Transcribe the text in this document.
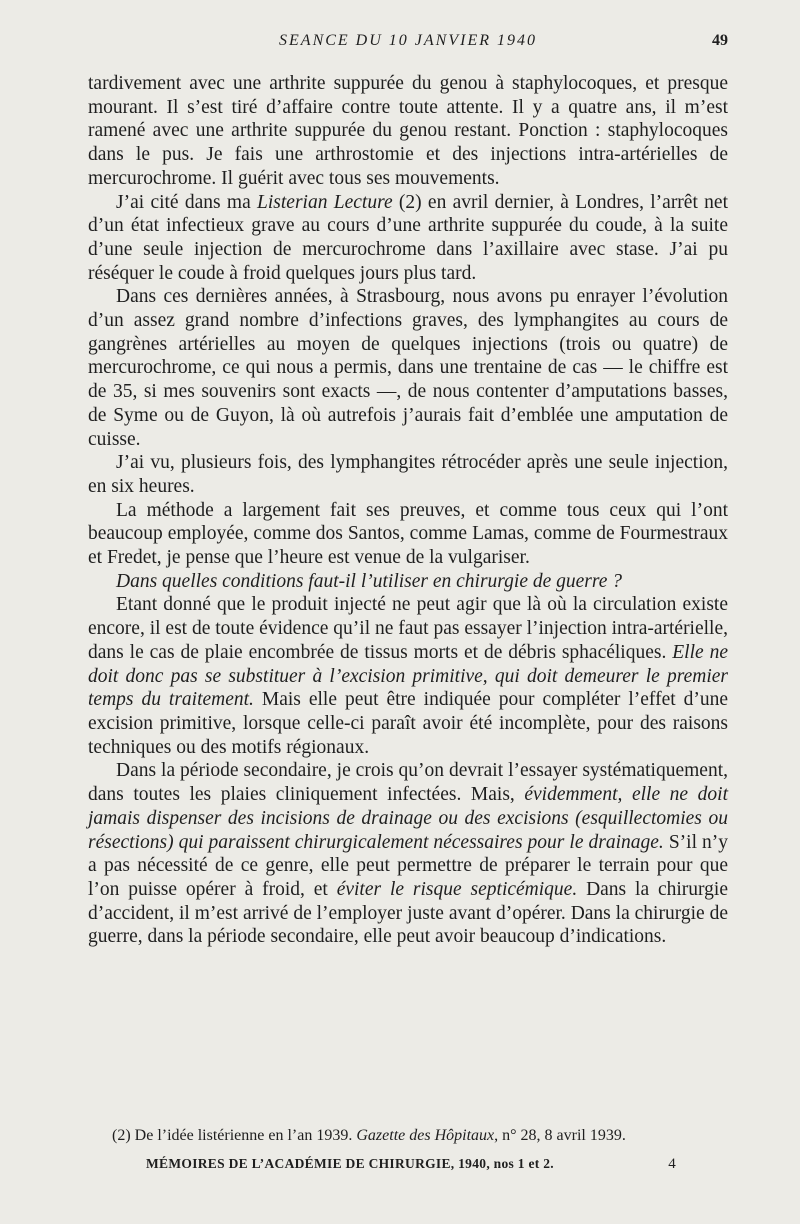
SEANCE DU 10 JANVIER 1940	49

tardivement avec une arthrite suppurée du genou à staphylocoques, et presque mourant. Il s’est tiré d’affaire contre toute attente. Il y a quatre ans, il m’est ramené avec une arthrite suppurée du genou restant. Ponction : staphylocoques dans le pus. Je fais une arthrostomie et des injections intra-artérielles de mercurochrome. Il guérit avec tous ses mouvements.

J’ai cité dans ma Listerian Lecture (2) en avril dernier, à Londres, l’arrêt net d’un état infectieux grave au cours d’une arthrite suppurée du coude, à la suite d’une seule injection de mercurochrome dans l’axillaire avec stase. J’ai pu réséquer le coude à froid quelques jours plus tard.

Dans ces dernières années, à Strasbourg, nous avons pu enrayer l’évolution d’un assez grand nombre d’infections graves, des lymphangites au cours de gangrènes artérielles au moyen de quelques injections (trois ou quatre) de mercurochrome, ce qui nous a permis, dans une trentaine de cas — le chiffre est de 35, si mes souvenirs sont exacts —, de nous contenter d’amputations basses, de Syme ou de Guyon, là où autrefois j’aurais fait d’emblée une amputation de cuisse.

J’ai vu, plusieurs fois, des lymphangites rétrocéder après une seule injection, en six heures.

La méthode a largement fait ses preuves, et comme tous ceux qui l’ont beaucoup employée, comme dos Santos, comme Lamas, comme de Fourmestraux et Fredet, je pense que l’heure est venue de la vulgariser.

Dans quelles conditions faut-il l’utiliser en chirurgie de guerre ?

Etant donné que le produit injecté ne peut agir que là où la circulation existe encore, il est de toute évidence qu’il ne faut pas essayer l’injection intra-artérielle, dans le cas de plaie encombrée de tissus morts et de débris sphacéliques. Elle ne doit donc pas se substituer à l’excision primitive, qui doit demeurer le premier temps du traitement. Mais elle peut être indiquée pour compléter l’effet d’une excision primitive, lorsque celle-ci paraît avoir été incomplète, pour des raisons techniques ou des motifs régionaux.

Dans la période secondaire, je crois qu’on devrait l’essayer systématiquement, dans toutes les plaies cliniquement infectées. Mais, évidemment, elle ne doit jamais dispenser des incisions de drainage ou des excisions (esquillectomies ou résections) qui paraissent chirurgicalement nécessaires pour le drainage. S’il n’y a pas nécessité de ce genre, elle peut permettre de préparer le terrain pour que l’on puisse opérer à froid, et éviter le risque septicémique. Dans la chirurgie d’accident, il m’est arrivé de l’employer juste avant d’opérer. Dans la chirurgie de guerre, dans la période secondaire, elle peut avoir beaucoup d’indications.

(2) De l’idée listérienne en l’an 1939. Gazette des Hôpitaux, n° 28, 8 avril 1939.
MÉMOIRES DE L’ACADÉMIE DE CHIRURGIE, 1940, nos 1 et 2.	4
